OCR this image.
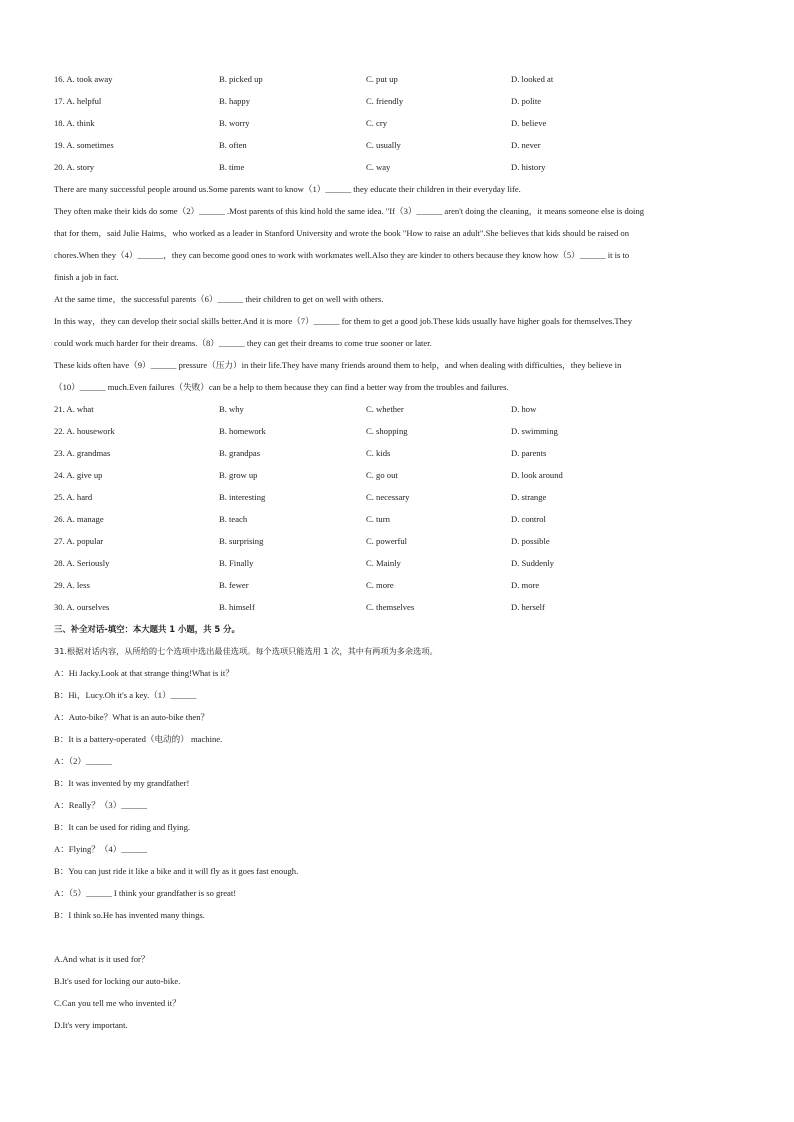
16. A. took away	B. picked up	C. put up	D. looked at
17. A. helpful	B. happy	C. friendly	D. polite
18. A. think	B. worry	C. cry	D. believe
19. A. sometimes	B. often	C. usually	D. never
20. A. story	B. time	C. way	D. history
There are many successful people around us.Some parents want to know（1）______ they educate their children in their everyday life.
They often make their kids do some（2）______ .Most parents of this kind hold the same idea. "If（3）______ aren't doing the cleaning，it means someone else is doing
that for them，said Julie Haims，who worked as a leader in Stanford University and wrote the book "How to raise an adult".She believes that kids should be raised on
chores.When they（4）______，they can become good ones to work with workmates well.Also they are kinder to others because they know how（5）______ it is to
finish a job in fact.
At the same time，the successful parents（6）______ their children to get on well with others.
In this way，they can develop their social skills better.And it is more（7）______ for them to get a good job.These kids usually have higher goals for themselves.They
could work much harder for their dreams.（8）______ they can get their dreams to come true sooner or later.
These kids often have（9）______ pressure（压力）in their life.They have many friends around them to help，and when dealing with difficulties，they believe in
（10）______ much.Even failures（失败）can be a help to them because they can find a better way from the troubles and failures.
21. A. what	B. why	C. whether	D. how
22. A. housework	B. homework	C. shopping	D. swimming
23. A. grandmas	B. grandpas	C. kids	D. parents
24. A. give up	B. grow up	C. go out	D. look around
25. A. hard	B. interesting	C. necessary	D. strange
26. A. manage	B. teach	C. turn	D. control
27. A. popular	B. surprising	C. powerful	D. possible
28. A. Seriously	B. Finally	C. Mainly	D. Suddenly
29. A. less	B. fewer	C. more	D. more
30. A. ourselves	B. himself	C. themselves	D. herself
三、补全对话-填空：本大题共 1 小题，共 5 分。
31.根据对话内容，从所给的七个选项中选出最佳选项。每个选项只能选用 1 次，其中有两项为多余选项。
A：Hi Jacky.Look at that strange thing!What is it？
B：Hi，Lucy.Oh it's a key.（1）______
A：Auto-bike？What is an auto-bike then？
B：It is a battery-operated（电动的） machine.
A：（2）______
B：It was invented by my grandfather!
A：Really？（3）______
B：It can be used for riding and flying.
A：Flying？（4）______
B：You can just ride it like a bike and it will fly as it goes fast enough.
A：（5）______ I think your grandfather is so great!
B：I think so.He has invented many things.
A.And what is it used for？
B.It's used for locking our auto-bike.
C.Can you tell me who invented it？
D.It's very important.
